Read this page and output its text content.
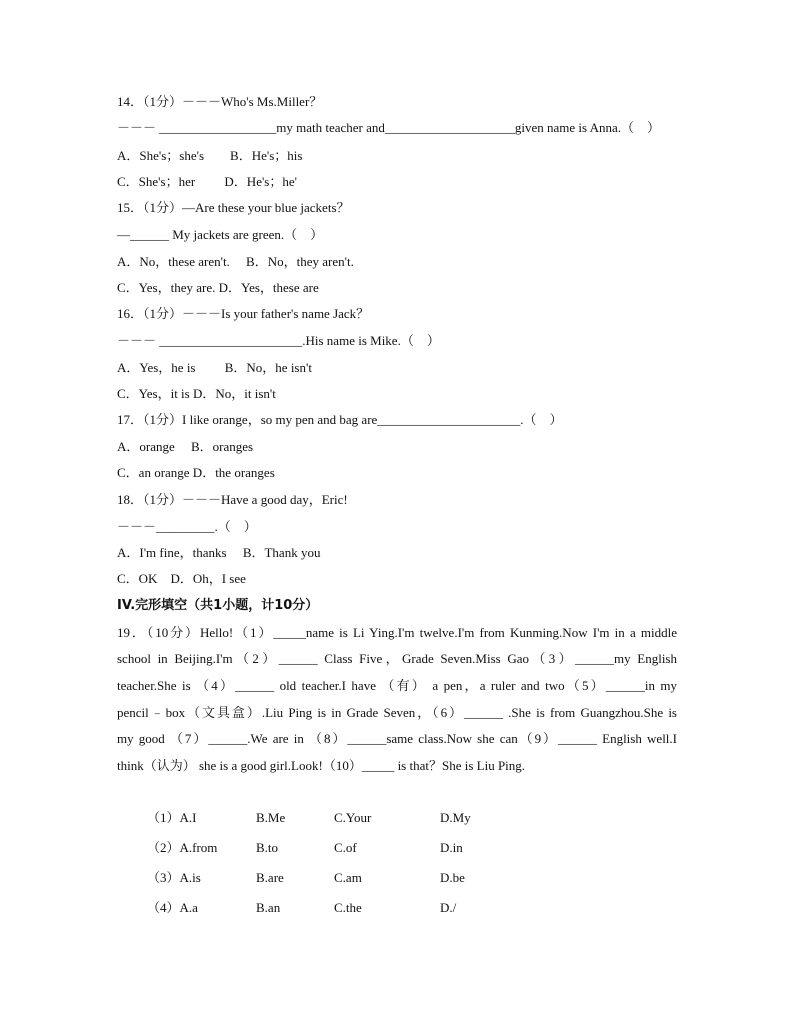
14．（1分）－－－Who's Ms.Miller？
－－－ __________________my math teacher and____________________given name is Anna.（　）
A．She's；she's　　B．He's；his
C．She's；her　　 D．He's；he'
15．（1分）—Are these your blue jackets？
—______ My jackets are green.（　）
A．No，these aren't.　 B．No，they aren't.
C．Yes，they are. D．Yes，these are
16．（1分）－－－Is your father's name Jack？
－－－ ______________________.His name is Mike.（　）
A．Yes，he is　　 B．No，he isn't
C．Yes，it is D．No，it isn't
17．（1分）I like orange，so my pen and bag are______________________.（　）
A．orange　 B．oranges
C．an orange D．the oranges
18．（1分）－－－Have a good day，Eric!
－－－_________.（　）
A．I'm fine，thanks　 B．Thank you
C．OK　D．Oh，I see
IV.完形填空（共1小题，计10分）
19．（10分）Hello!（1）_____name is Li Ying.I'm twelve.I'm from Kunming.Now I'm in a middle
school in Beijing.I'm（2）______ Class Five，Grade Seven.Miss Gao（3）______my English
teacher.She is （4）______ old teacher.I have （有） a pen，a ruler and two（5）______in my
pencil﹣box（文具盒）.Liu Ping is in Grade Seven，（6）______ .She is from Guangzhou.She is
my good （7）______.We are in （8）______same class.Now she can（9）______ English well.I
think（认为） she is a good girl.Look!（10）_____ is that？She is Liu Ping.
（1）A.I	B.Me	C.Your	D.My
（2）A.from	B.to	C.of	D.in
（3）A.is	B.are	C.am	D.be
（4）A.a	B.an	C.the	D./
